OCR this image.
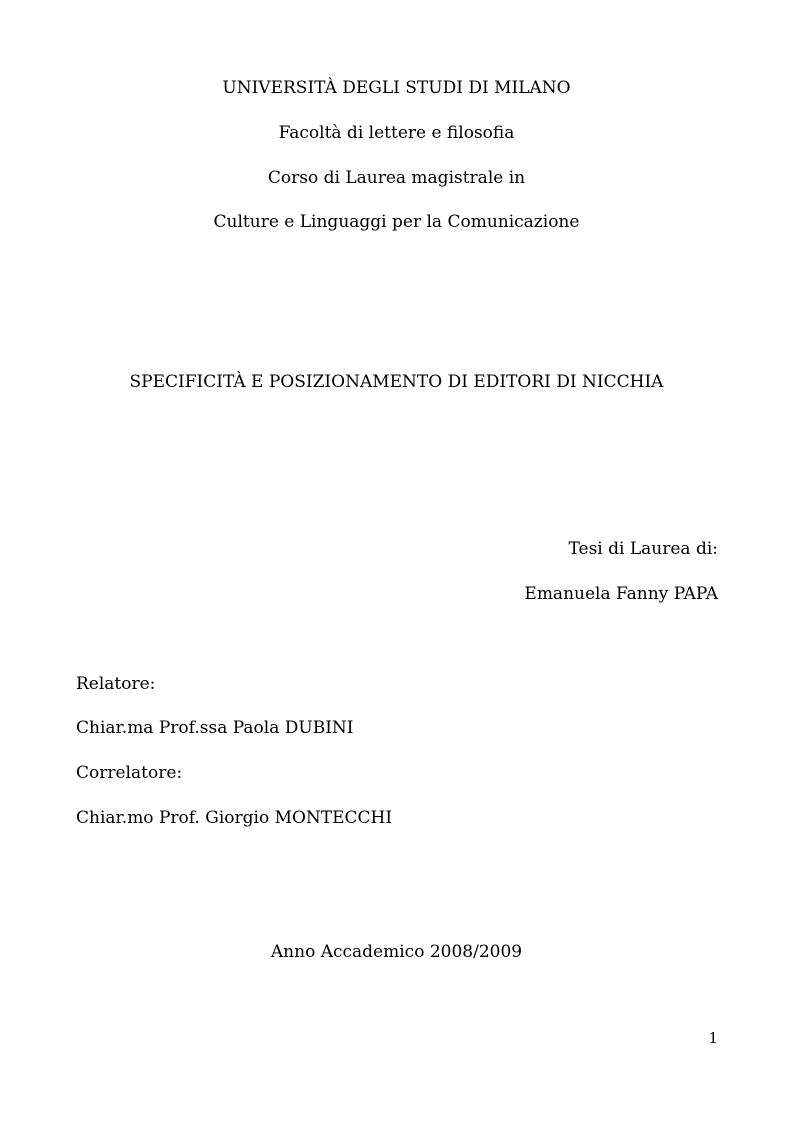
UNIVERSITÀ DEGLI STUDI DI MILANO
Facoltà di lettere e filosofia
Corso di Laurea magistrale in
Culture e Linguaggi per la Comunicazione
SPECIFICITÀ E POSIZIONAMENTO DI EDITORI DI NICCHIA
Tesi di Laurea di:
Emanuela Fanny PAPA
Relatore:
Chiar.ma Prof.ssa Paola DUBINI
Correlatore:
Chiar.mo Prof. Giorgio MONTECCHI
Anno Accademico 2008/2009
1
